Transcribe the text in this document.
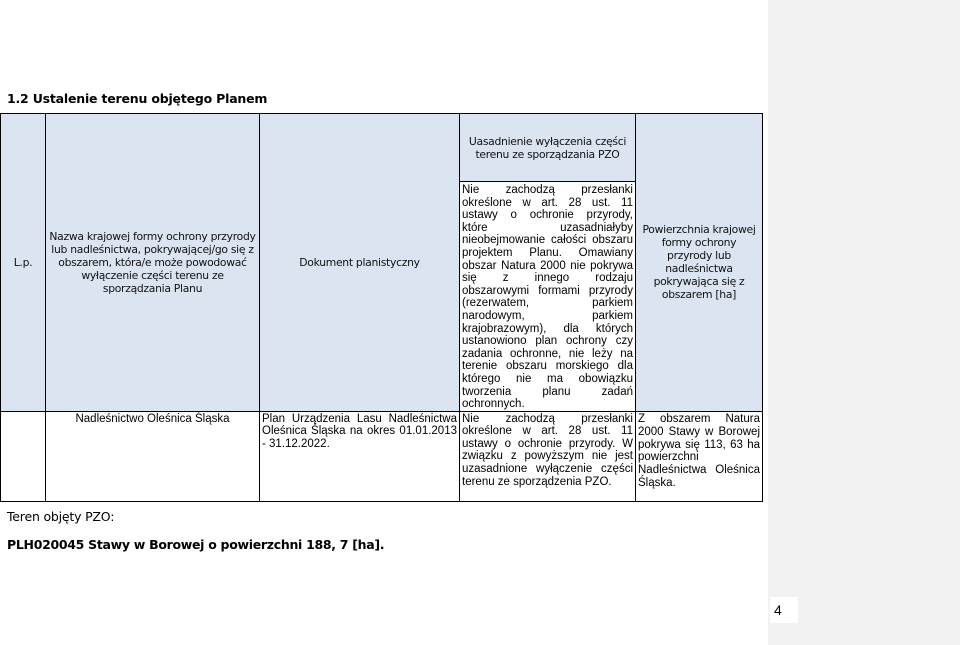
1.2 Ustalenie terenu objętego Planem
L.p.	Nazwa krajowej formy ochrony przyrody lub nadleśnictwa, pokrywającej/go się z obszarem, która/e może powodować wyłączenie części terenu ze sporządzania Planu	Dokument planistyczny	Uasadnienie wyłączenia części terenu ze sporządzania PZO	Powierzchnia krajowej formy ochrony przyrody lub nadleśnictwa pokrywająca się z obszarem [ha]

			Nie zachodzą przesłanki określone w art. 28 ust. 11 ustawy o ochronie przyrody, które uzasadniałyby nieobejmowanie całości obszaru projektem Planu. Omawiany obszar Natura 2000 nie pokrywa się z innego rodzaju obszarowymi formami przyrody (rezerwatem, parkiem narodowym, parkiem krajobrazowym), dla których ustanowiono plan ochrony czy zadania ochronne, nie leży na terenie obszaru morskiego dla którego nie ma obowiązku tworzenia planu zadań ochronnych.	

	Nadleśnictwo Oleśnica Śląska	Plan Urządzenia Lasu Nadleśnictwa Oleśnica Śląska na okres 01.01.2013 - 31.12.2022.	Nie zachodzą przesłanki określone w art. 28 ust. 11 ustawy o ochronie przyrody. W związku z powyższym nie jest uzasadnione wyłączenie części terenu ze sporządzenia PZO.	Z obszarem Natura 2000 Stawy w Borowej pokrywa się 113, 63 ha powierzchni Nadleśnictwa Oleśnica Śląska.
Teren objęty PZO:
PLH020045 Stawy w Borowej o powierzchni 188, 7 [ha].
4
